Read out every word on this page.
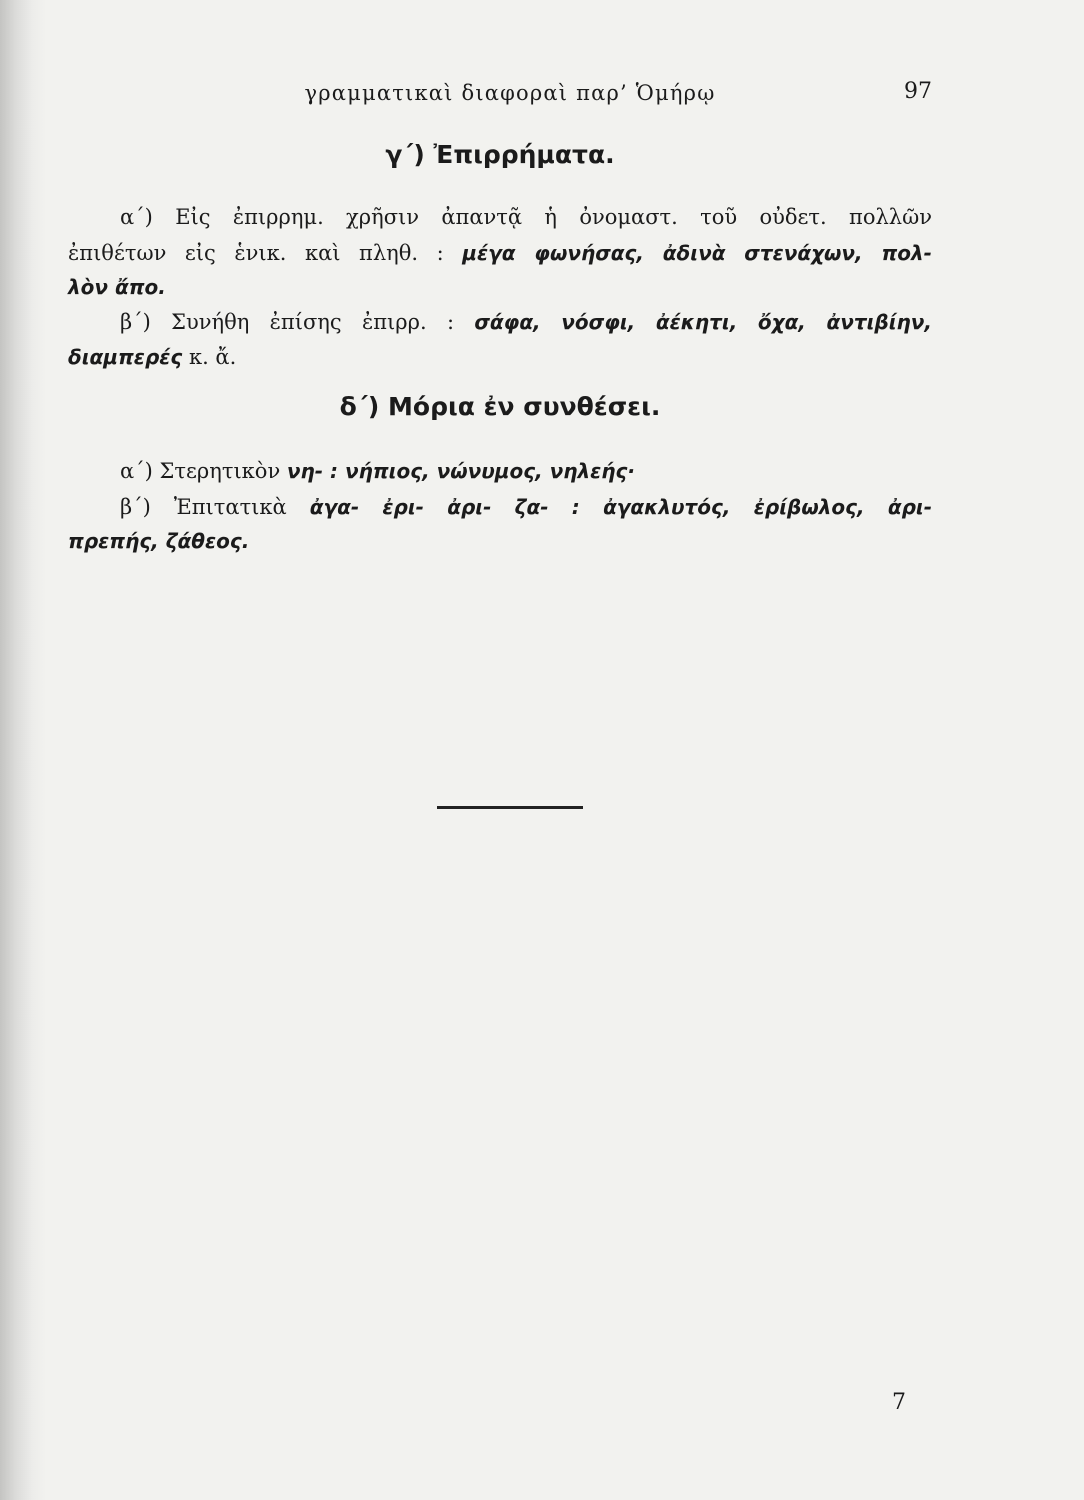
γραμματικαὶ διαφοραὶ παρ’ Ὁμήρῳ	97
γ΄) Ἐπιρρήματα.
α΄) Εἰς ἐπιρρημ. χρῆσιν ἀπαντᾷ ἡ ὀνομαστ. τοῦ οὐδετ. πολλῶν
ἐπιθέτων εἰς ἑνικ. καὶ πληθ. : μέγα φωνήσας, ἀδινὰ στενάχων, πολ-
λὸν ἄπο.
β΄) Συνήθη ἐπίσης ἐπιρρ. : σάφα, νόσφι, ἀέκητι, ὄχα, ἀντιβίην,
διαμπερές κ. ἄ.
δ΄) Μόρια ἐν συνθέσει.
α΄) Στερητικὸν νη- : νήπιος, νώνυμος, νηλεής·
β΄) Ἐπιτατικὰ ἀγα- ἐρι- ἀρι- ζα- : ἀγακλυτός, ἐρίβωλος, ἀρι-
πρεπής, ζάθεος.
7
